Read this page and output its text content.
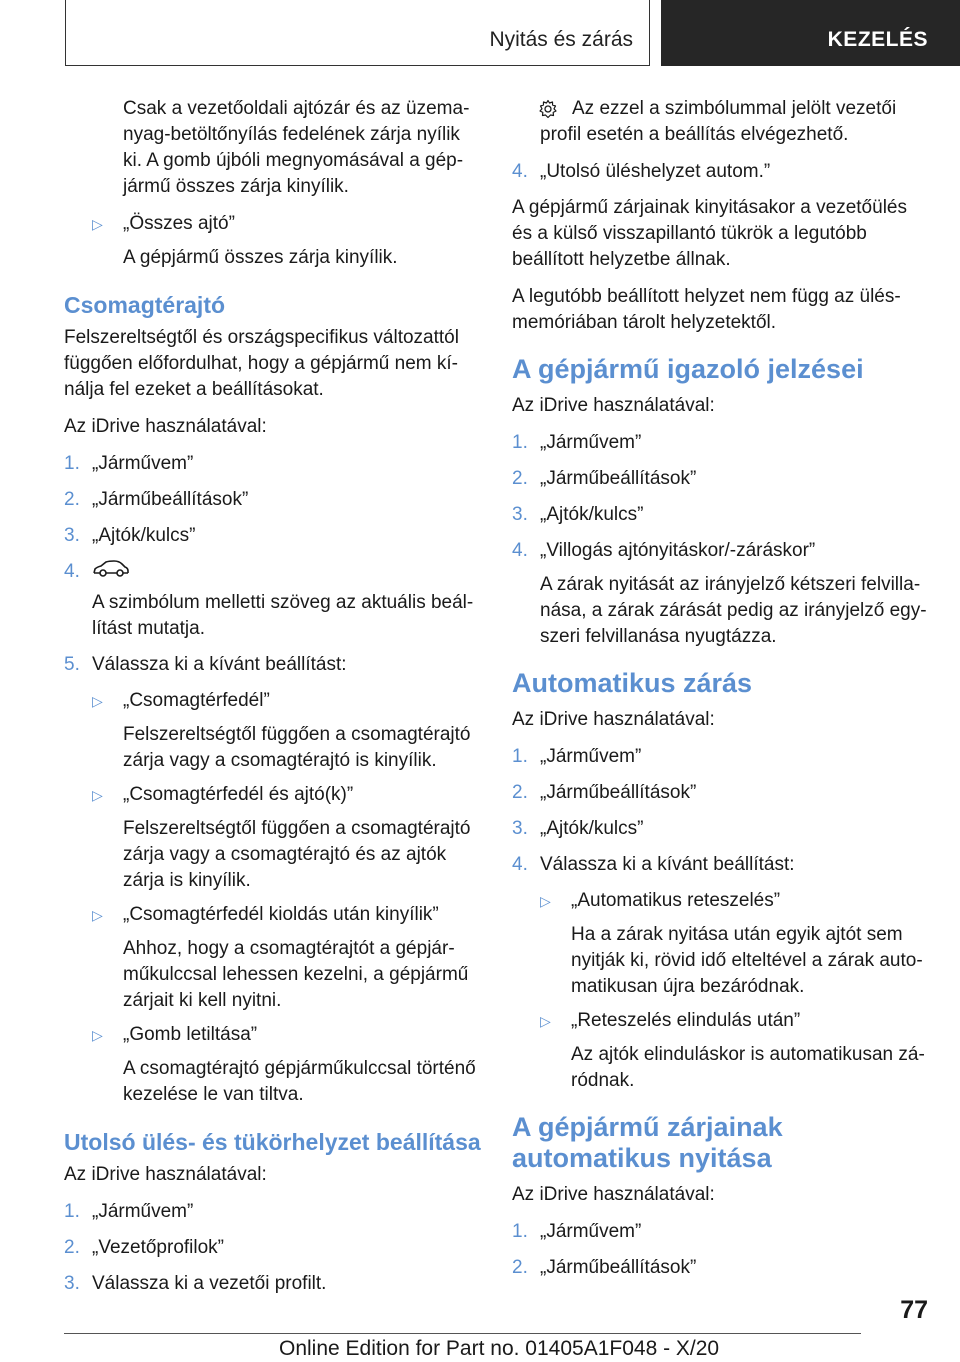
Nyitás és zárás	KEZELÉS

Csak a vezetőoldali ajtózár és az üzemanyag-betöltőnyílás fedelének zárja nyílik ki. A gomb újbóli megnyomásával a gépjármű összes zárja kinyílik.

▷	„Összes ajtó”

A gépjármű összes zárja kinyílik.

Csomagtérajtó

Felszereltségtől és országspecifikus változattól függően előfordulhat, hogy a gépjármű nem kínálja fel ezeket a beállításokat.

Az iDrive használatával:

1. „Járművem”
2. „Járműbeállítások”
3. „Ajtók/kulcs”
4.

A szimbólum melletti szöveg az aktuális beállítást mutatja.

5. Válassza ki a kívánt beállítást:
▷	„Csomagtérfedél”

Felszereltségtől függően a csomagtérajtó zárja vagy a csomagtérajtó is kinyílik.

▷	„Csomagtérfedél és ajtó(k)”

Felszereltségtől függően a csomagtérajtó zárja vagy a csomagtérajtó és az ajtók zárja is kinyílik.

▷	„Csomagtérfedél kioldás után kinyílik”

Ahhoz, hogy a csomagtérajtót a gépjárműkulccsal lehessen kezelni, a gépjármű zárjait ki kell nyitni.

▷	„Gomb letiltása”

A csomagtérajtó gépjárműkulccsal történő kezelése le van tiltva.

Utolsó ülés- és tükörhelyzet beállítása

Az iDrive használatával:

1. „Járművem”
2. „Vezetőprofilok”
3. Válassza ki a vezetői profilt.

Az ezzel a szimbólummal jelölt vezetői profil esetén a beállítás elvégezhető.

4. „Utolsó üléshelyzet autom.”

A gépjármű zárjainak kinyitásakor a vezetőülés és a külső visszapillantó tükrök a legutóbb beállított helyzetbe állnak.

A legutóbb beállított helyzet nem függ az ülésmemóriában tárolt helyzetektől.

A gépjármű igazoló jelzései

Az iDrive használatával:

1. „Járművem”
2. „Járműbeállítások”
3. „Ajtók/kulcs”
4. „Villogás ajtónyitáskor/-záráskor”

A zárak nyitását az irányjelző kétszeri felvillanása, a zárak zárását pedig az irányjelző egyszeri felvillanása nyugtázza.

Automatikus zárás

Az iDrive használatával:

1. „Járművem”
2. „Járműbeállítások”
3. „Ajtók/kulcs”
4. Válassza ki a kívánt beállítást:
▷	„Automatikus reteszelés”

Ha a zárak nyitása után egyik ajtót sem nyitják ki, rövid idő elteltével a zárak automatikusan újra bezáródnak.

▷	„Reteszelés elindulás után”

Az ajtók elinduláskor is automatikusan záródnak.

A gépjármű zárjainak automatikus nyitása

Az iDrive használatával:

1. „Járművem”
2. „Járműbeállítások”
77
Online Edition for Part no. 01405A1F048 - X/20
